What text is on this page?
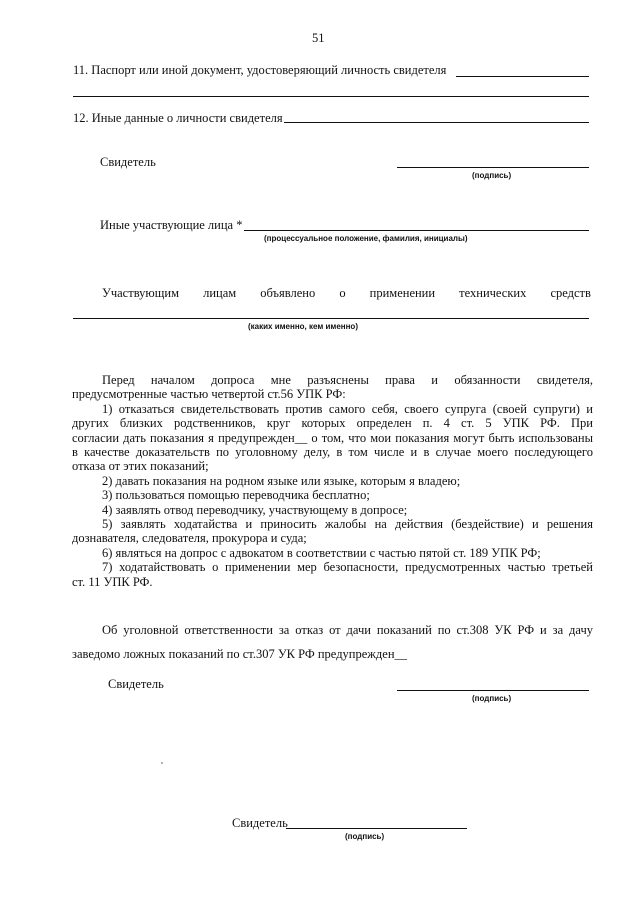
51
11. Паспорт или иной документ, удостоверяющий личность свидетеля
12. Иные данные о личности свидетеля
Свидетель
(подпись)
Иные участвующие лица *
(процессуальное положение, фамилия, инициалы)
Участвующим лицам объявлено о применении технических средств
(каких именно, кем именно)
Перед началом допроса мне разъяснены права и обязанности свидетеля,
предусмотренные частью четвертой ст.56 УПК РФ:
1) отказаться свидетельствовать против самого себя, своего супруга (своей супруги) и
других близких родственников, круг которых определен п. 4 ст. 5 УПК РФ. При
согласии дать показания я предупрежден__ о том, что мои показания могут быть использованы
в качестве доказательств по уголовному делу, в том числе и в случае моего последующего
отказа от этих показаний;
2) давать показания на родном языке или языке, которым я владею;
3) пользоваться помощью переводчика бесплатно;
4) заявлять отвод переводчику, участвующему в допросе;
5) заявлять ходатайства и приносить жалобы на действия (бездействие) и решения
дознавателя, следователя, прокурора и суда;
6) являться на допрос с адвокатом в соответствии с частью пятой ст. 189 УПК РФ;
7) ходатайствовать о применении мер безопасности, предусмотренных частью третьей
ст. 11 УПК РФ.
Об уголовной ответственности за отказ от дачи показаний по ст.308 УК РФ и за дачу
заведомо ложных показаний по ст.307 УК РФ предупрежден__
Свидетель
(подпись)
Свидетель
(подпись)
